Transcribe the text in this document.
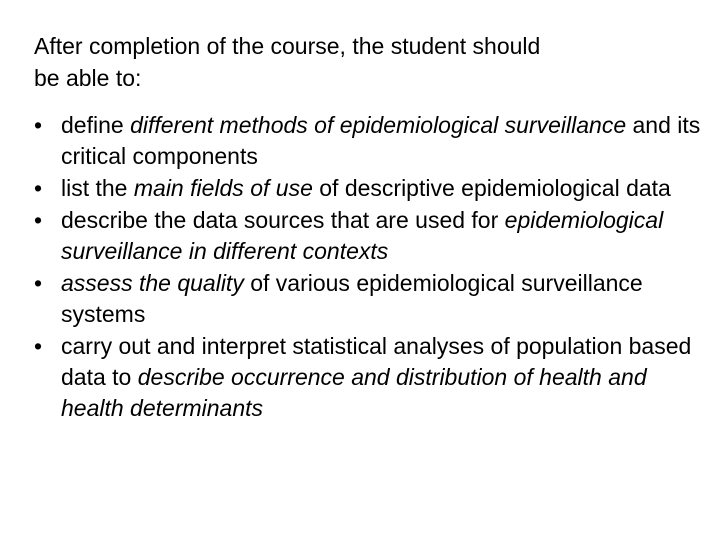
After completion of the course, the student should
be able to:

• define different methods of epidemiological surveillance and its critical components
• list the main fields of use of descriptive epidemiological data
• describe the data sources that are used for epidemiological surveillance in different contexts
• assess the quality of various epidemiological surveillance systems
• carry out and interpret statistical analyses of population based data to describe occurrence and distribution of health and health determinants
